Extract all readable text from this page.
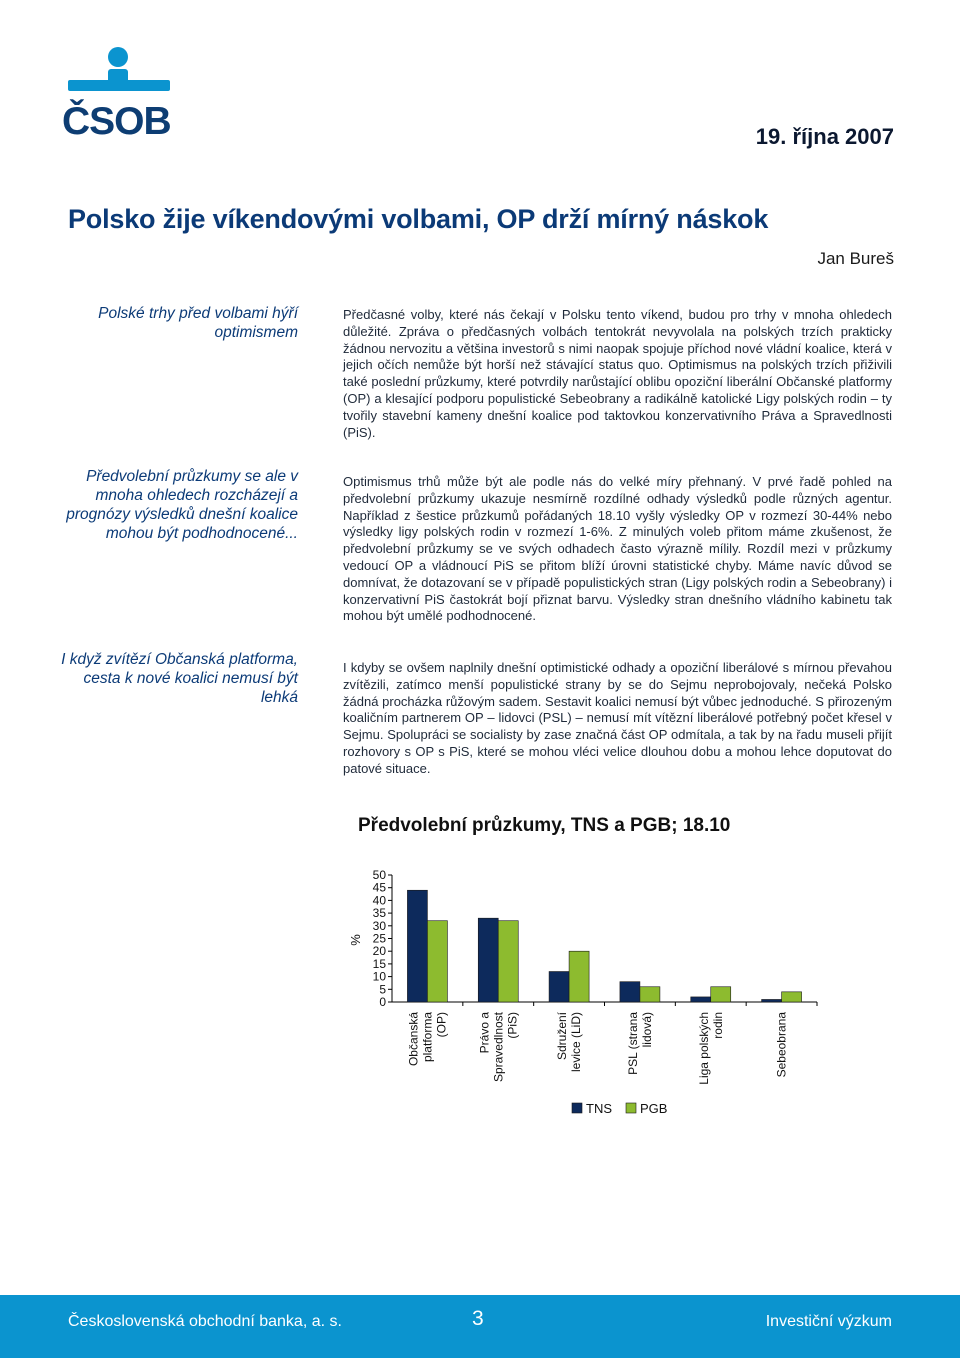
ČSOB	19. října 2007
Polsko žije víkendovými volbami, OP drží mírný náskok
Jan Bureš
Polské trhy před volbami hýří optimismem
Předvolební průzkumy se ale v mnoha ohledech rozcházejí a prognózy výsledků dnešní koalice mohou být podhodnocené...
I když zvítězí Občanská platforma, cesta k nové koalici nemusí být lehká

Předčasné volby, které nás čekají v Polsku tento víkend, budou pro trhy v mnoha ohledech důležité. Zpráva o předčasných volbách tentokrát nevyvolala na polských trzích prakticky žádnou nervozitu a většina investorů s nimi naopak spojuje příchod nové vládní koalice, která v jejich očích nemůže být horší než stávající status quo. Optimismus na polských trzích přiživili také poslední průzkumy, které potvrdily narůstající oblibu opoziční liberální Občanské platformy (OP) a klesající podporu populistické Sebeobrany a radikálně katolické Ligy polských rodin – ty tvořily stavební kameny dnešní koalice pod taktovkou konzervativního Práva a Spravedlnosti (PiS).

Optimismus trhů může být ale podle nás do velké míry přehnaný. V prvé řadě pohled na předvolební průzkumy ukazuje nesmírně rozdílné odhady výsledků podle různých agentur. Například z šestice průzkumů pořádaných 18.10 vyšly výsledky OP v rozmezí 30-44% nebo výsledky ligy polských rodin v rozmezí 1-6%. Z minulých voleb přitom máme zkušenost, že předvolební průzkumy se ve svých odhadech často výrazně mílily. Rozdíl mezi v průzkumy vedoucí OP a vládnoucí PiS se přitom blíží úrovni statistické chyby. Máme navíc důvod se domnívat, že dotazovaní se v případě populistických stran (Ligy polských rodin a Sebeobrany) i konzervativní PiS častokrát bojí přiznat barvu. Výsledky stran dnešního vládního kabinetu tak mohou být umělé podhodnocené.

I kdyby se ovšem naplnily dnešní optimistické odhady a opoziční liberálové s mírnou převahou zvítězili, zatímco menší populistické strany by se do Sejmu neprobojovaly, nečeká Polsko žádná procházka růžovým sadem. Sestavit koalici nemusí být vůbec jednoduché. S přirozeným koaličním partnerem OP – lidovci (PSL) – nemusí mít vítězní liberálové potřebný počet křesel v Sejmu. Spolupráci se socialisty by zase značná část OP odmítala, a tak by na řadu museli přijít rozhovory s OP s PiS, které se mohou vléci velice dlouhou dobu a mohou lehce doputovat do patové situace.

Předvolební průzkumy, TNS a PGB; 18.10
0
5
10
15
20
25
30
35
40
45
50
%
Občanskáplatforma(OP) Právo aSpravedlnost(PiS)	Sdruženílevice (LiD)	PSL (stranalidová)	Liga polskýchrodin	Sebeobrana
TNS PGB
Československá obchodní banka, a. s.	3	Investiční výzkum
